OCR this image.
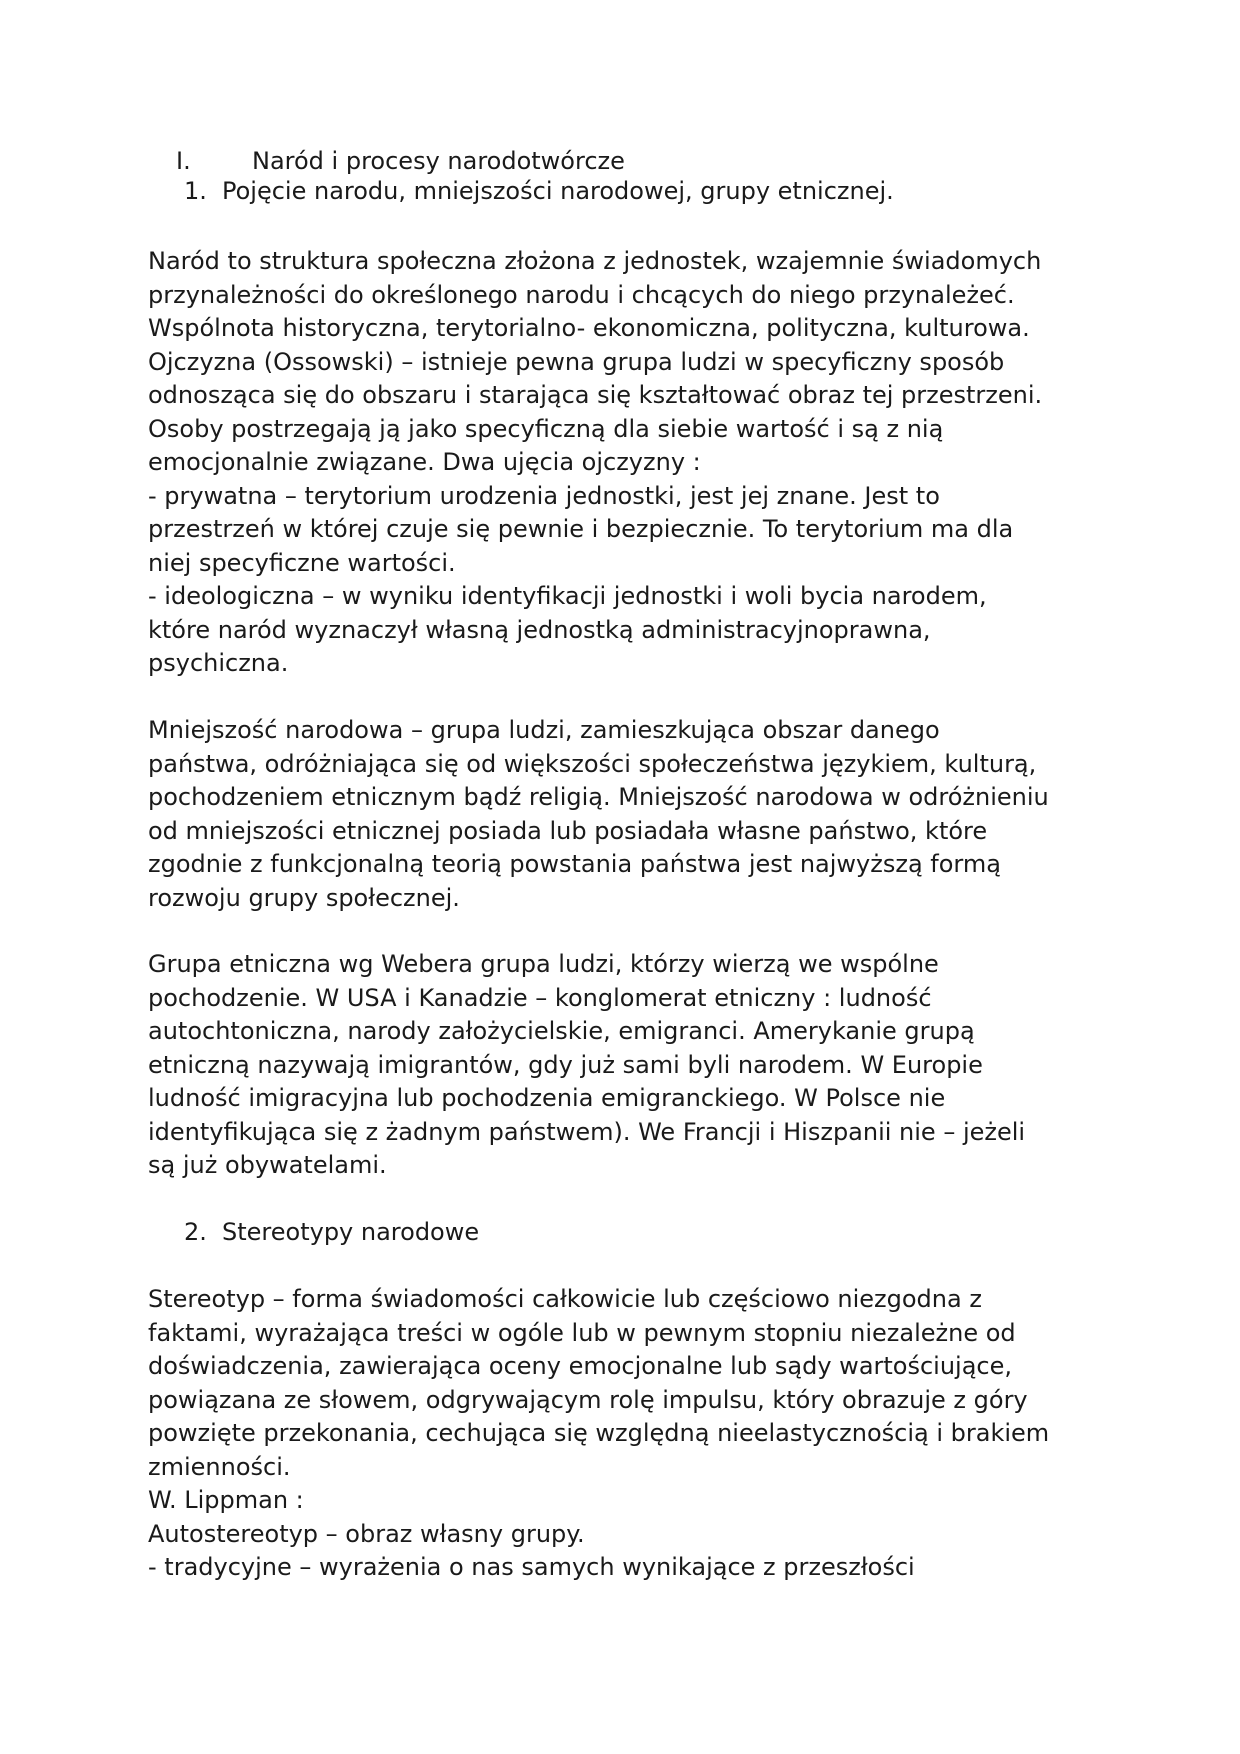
I.	Naród i procesy narodotwórcze
1. Pojęcie narodu, mniejszości narodowej, grupy etnicznej.
Naród to struktura społeczna złożona z jednostek, wzajemnie świadomych
przynależności do określonego narodu i chcących do niego przynależeć.
Wspólnota historyczna, terytorialno- ekonomiczna, polityczna, kulturowa.
Ojczyzna (Ossowski) – istnieje pewna grupa ludzi w specyficzny sposób
odnosząca się do obszaru i starająca się kształtować obraz tej przestrzeni.
Osoby postrzegają ją jako specyficzną dla siebie wartość i są z nią
emocjonalnie związane. Dwa ujęcia ojczyzny :
- prywatna – terytorium urodzenia jednostki, jest jej znane. Jest to
przestrzeń w której czuje się pewnie i bezpiecznie. To terytorium ma dla
niej specyficzne wartości.
- ideologiczna – w wyniku identyfikacji jednostki i woli bycia narodem,
które naród wyznaczył własną jednostką administracyjnoprawna,
psychiczna.
Mniejszość narodowa – grupa ludzi, zamieszkująca obszar danego
państwa, odróżniająca się od większości społeczeństwa językiem, kulturą,
pochodzeniem etnicznym bądź religią. Mniejszość narodowa w odróżnieniu
od mniejszości etnicznej posiada lub posiadała własne państwo, które
zgodnie z funkcjonalną teorią powstania państwa jest najwyższą formą
rozwoju grupy społecznej.
Grupa etniczna wg Webera grupa ludzi, którzy wierzą we wspólne
pochodzenie. W USA i Kanadzie – konglomerat etniczny : ludność
autochtoniczna, narody założycielskie, emigranci. Amerykanie grupą
etniczną nazywają imigrantów, gdy już sami byli narodem. W Europie
ludność imigracyjna lub pochodzenia emigranckiego. W Polsce nie
identyfikująca się z żadnym państwem). We Francji i Hiszpanii nie – jeżeli
są już obywatelami.
2. Stereotypy narodowe
Stereotyp – forma świadomości całkowicie lub częściowo niezgodna z
faktami, wyrażająca treści w ogóle lub w pewnym stopniu niezależne od
doświadczenia, zawierająca oceny emocjonalne lub sądy wartościujące,
powiązana ze słowem, odgrywającym rolę impulsu, który obrazuje z góry
powzięte przekonania, cechująca się względną nieelastycznością i brakiem
zmienności.
W. Lippman :
Autostereotyp – obraz własny grupy.
- tradycyjne – wyrażenia o nas samych wynikające z przeszłości
